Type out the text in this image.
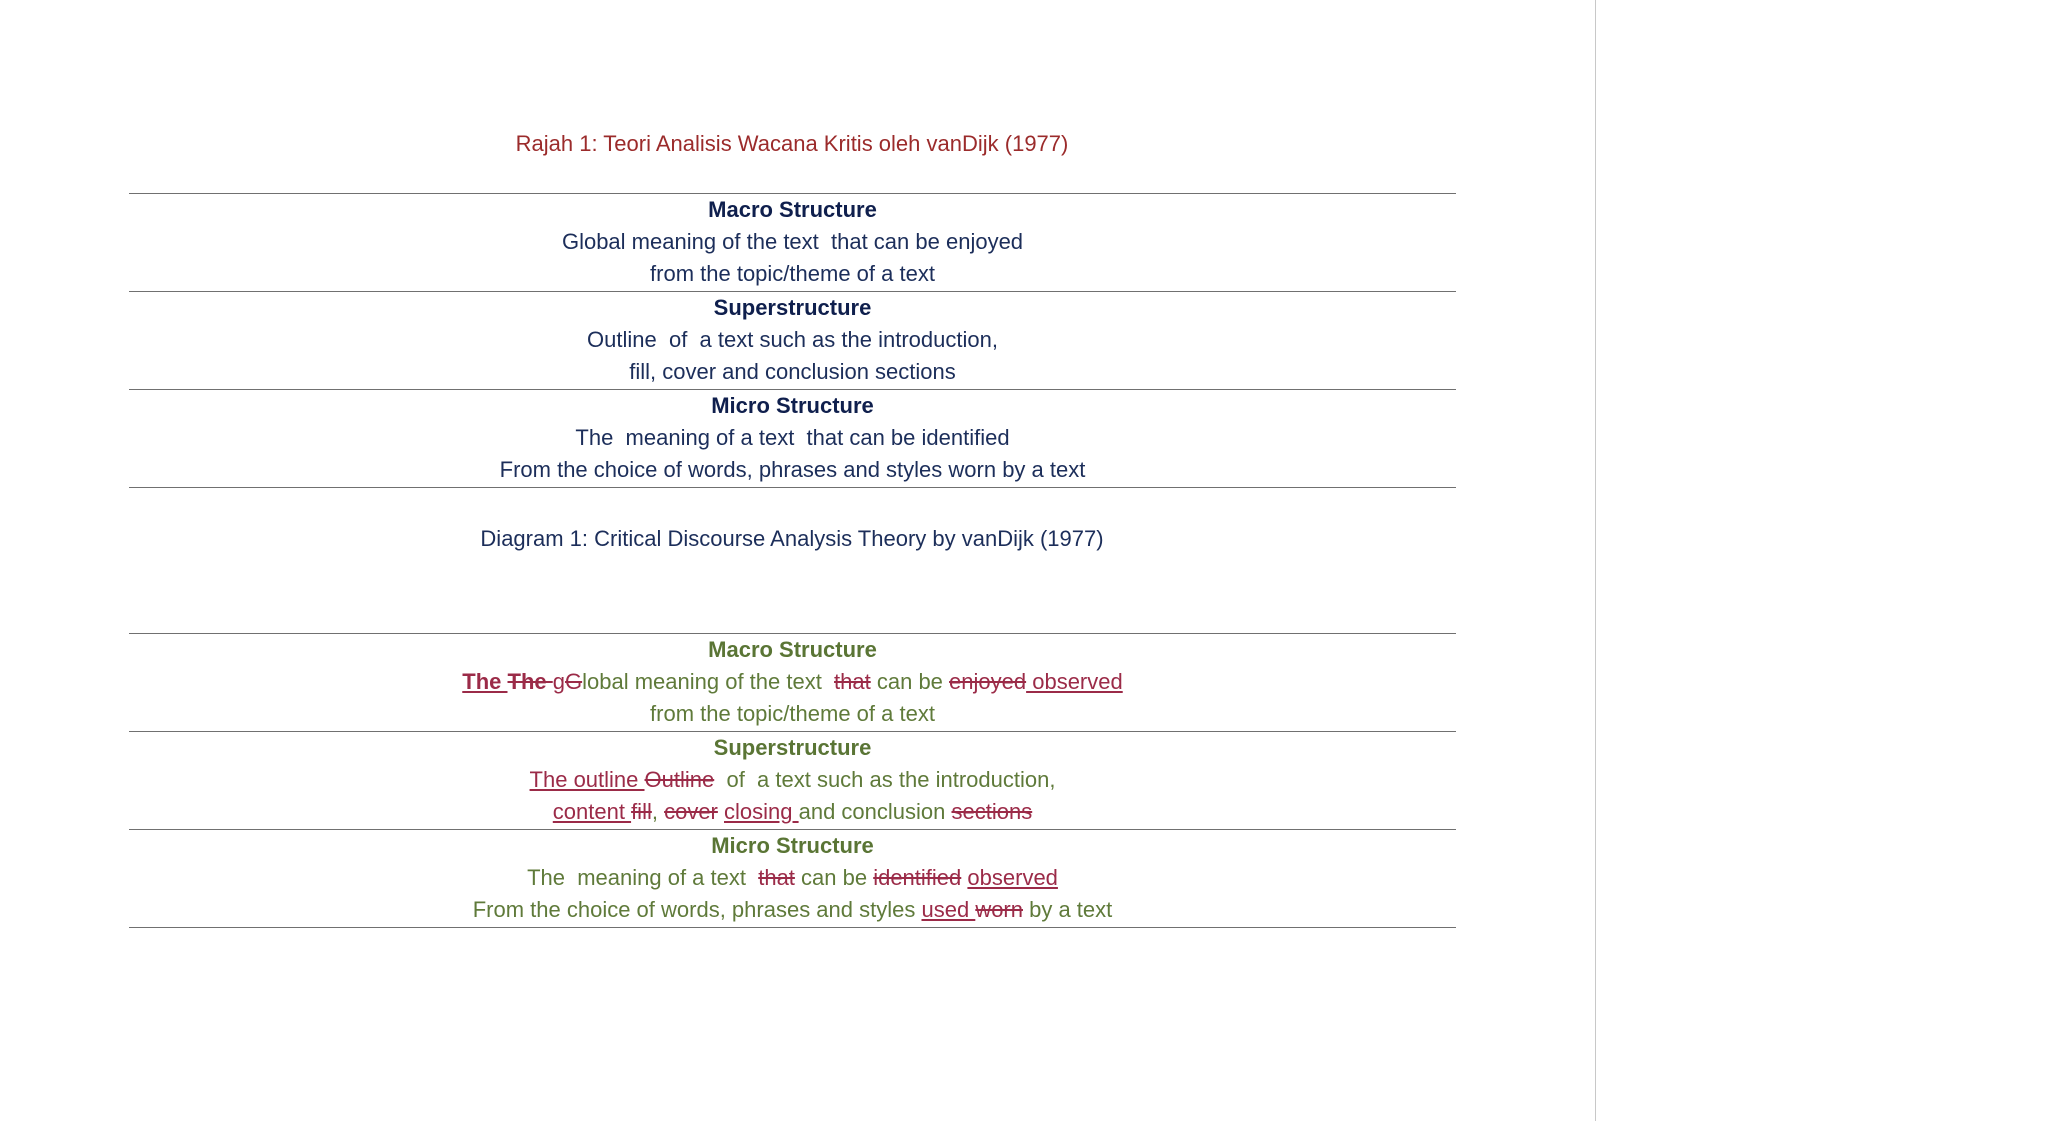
Rajah 1: Teori Analisis Wacana Kritis oleh vanDijk (1977)
Macro Structure
Global meaning of the text  that can be enjoyed
from the topic/theme of a text
Superstructure
Outline  of  a text such as the introduction,
fill, cover and conclusion sections
Micro Structure
The  meaning of a text  that can be identified
From the choice of words, phrases and styles worn by a text
Diagram 1: Critical Discourse Analysis Theory by vanDijk (1977)
Macro Structure
The The gGlobal meaning of the text  that can be enjoyed observed
from the topic/theme of a text
Superstructure
The outline Outline  of  a text such as the introduction,
content fill, cover closing and conclusion sections
Micro Structure
The  meaning of a text  that can be identified observed
From the choice of words, phrases and styles used worn by a text
